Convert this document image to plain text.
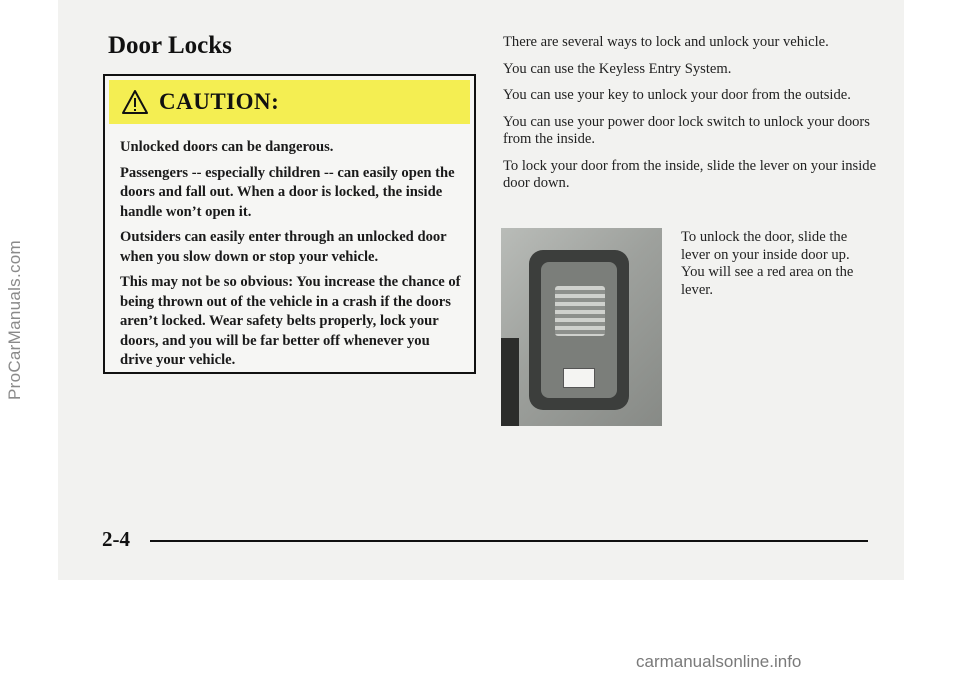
ProCarManuals.com
Door Locks
CAUTION:

Unlocked doors can be dangerous.

Passengers -- especially children -- can easily open the doors and fall out. When a door is locked, the inside handle won’t open it.

Outsiders can easily enter through an unlocked door when you slow down or stop your vehicle.

This may not be so obvious: You increase the chance of being thrown out of the vehicle in a crash if the doors aren’t locked. Wear safety belts properly, lock your doors, and you will be far better off whenever you drive your vehicle.

There are several ways to lock and unlock your vehicle.

You can use the Keyless Entry System.

You can use your key to unlock your door from the outside.

You can use your power door lock switch to unlock your doors from the inside.

To lock your door from the inside, slide the lever on your inside door down.

To unlock the door, slide the lever on your inside door up. You will see a red area on the lever.

2-4

carmanualsonline.info
